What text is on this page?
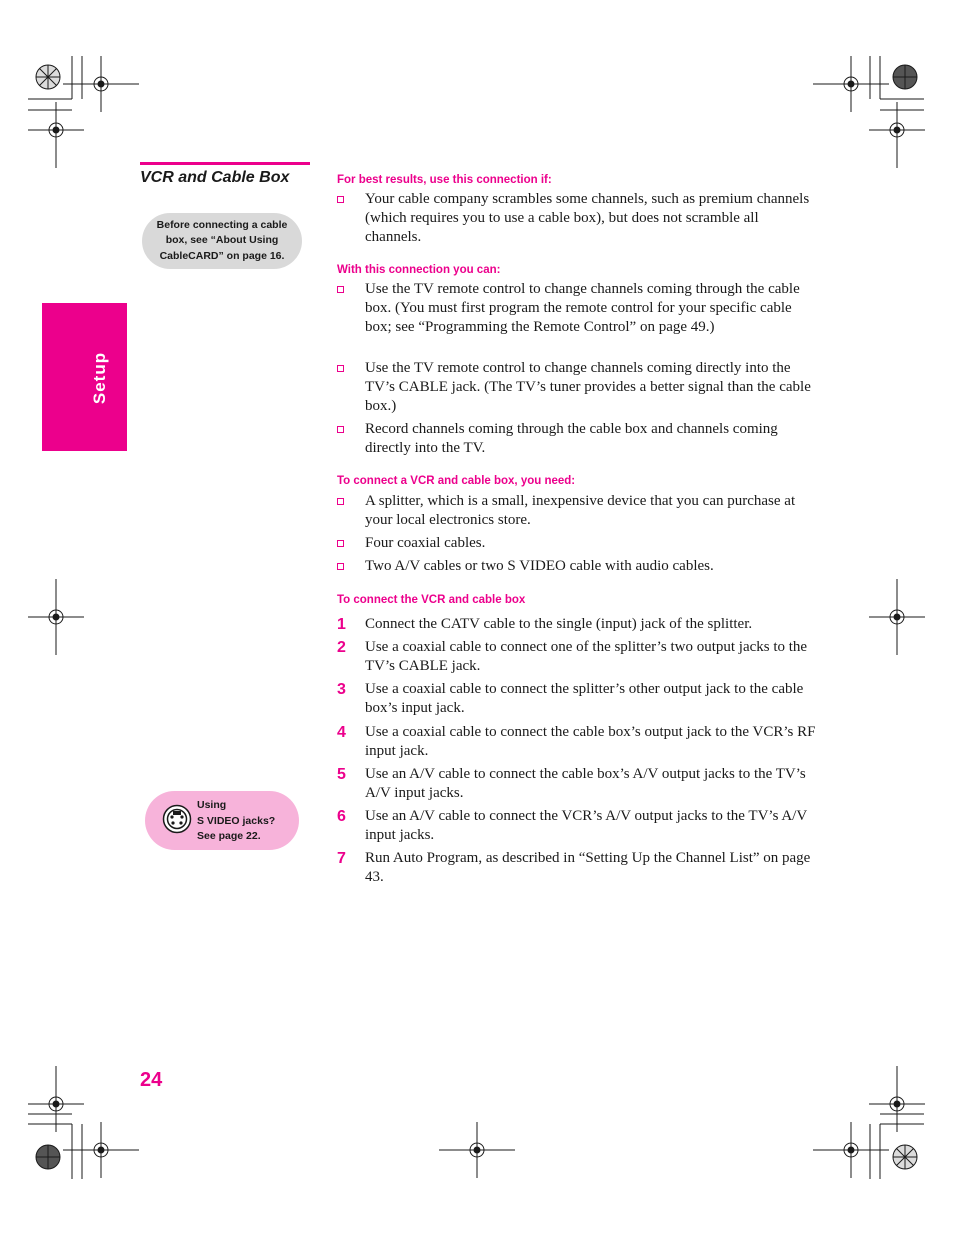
Setup
VCR and Cable Box
Before connecting a cable
box, see “About Using
CableCARD” on page 16.
Using
S VIDEO jacks?
See page 22.
For best results, use this connection if:
Your cable company scrambles some channels, such as premium channels (which requires you to use a cable box), but does not scramble all channels.
With this connection you can:
Use the TV remote control to change channels coming through the cable box. (You must first program the remote control for your specific cable box; see “Programming the Remote Control” on page 49.)
Use the TV remote control to change channels coming directly into the TV’s CABLE jack. (The TV’s tuner provides a better signal than the cable box.)
Record channels coming through the cable box and channels coming directly into the TV.
To connect a VCR and cable box, you need:
A splitter, which is a small, inexpensive device that you can purchase at your local electronics store.
Four coaxial cables.
Two A/V cables or two S VIDEO cable with audio cables.
To connect the VCR and cable box
1 Connect the CATV cable to the single (input) jack of the splitter.
2 Use a coaxial cable to connect one of the splitter’s two output jacks to the TV’s CABLE jack.
3 Use a coaxial cable to connect the splitter’s other output jack to the cable box’s input jack.
4 Use a coaxial cable to connect the cable box’s output jack to the VCR’s RF input jack.
5 Use an A/V cable to connect the cable box’s A/V output jacks to the TV’s A/V input jacks.
6 Use an A/V cable to connect the VCR’s A/V output jacks to the TV’s A/V input jacks.
7 Run Auto Program, as described in “Setting Up the Channel List” on page 43.
24
